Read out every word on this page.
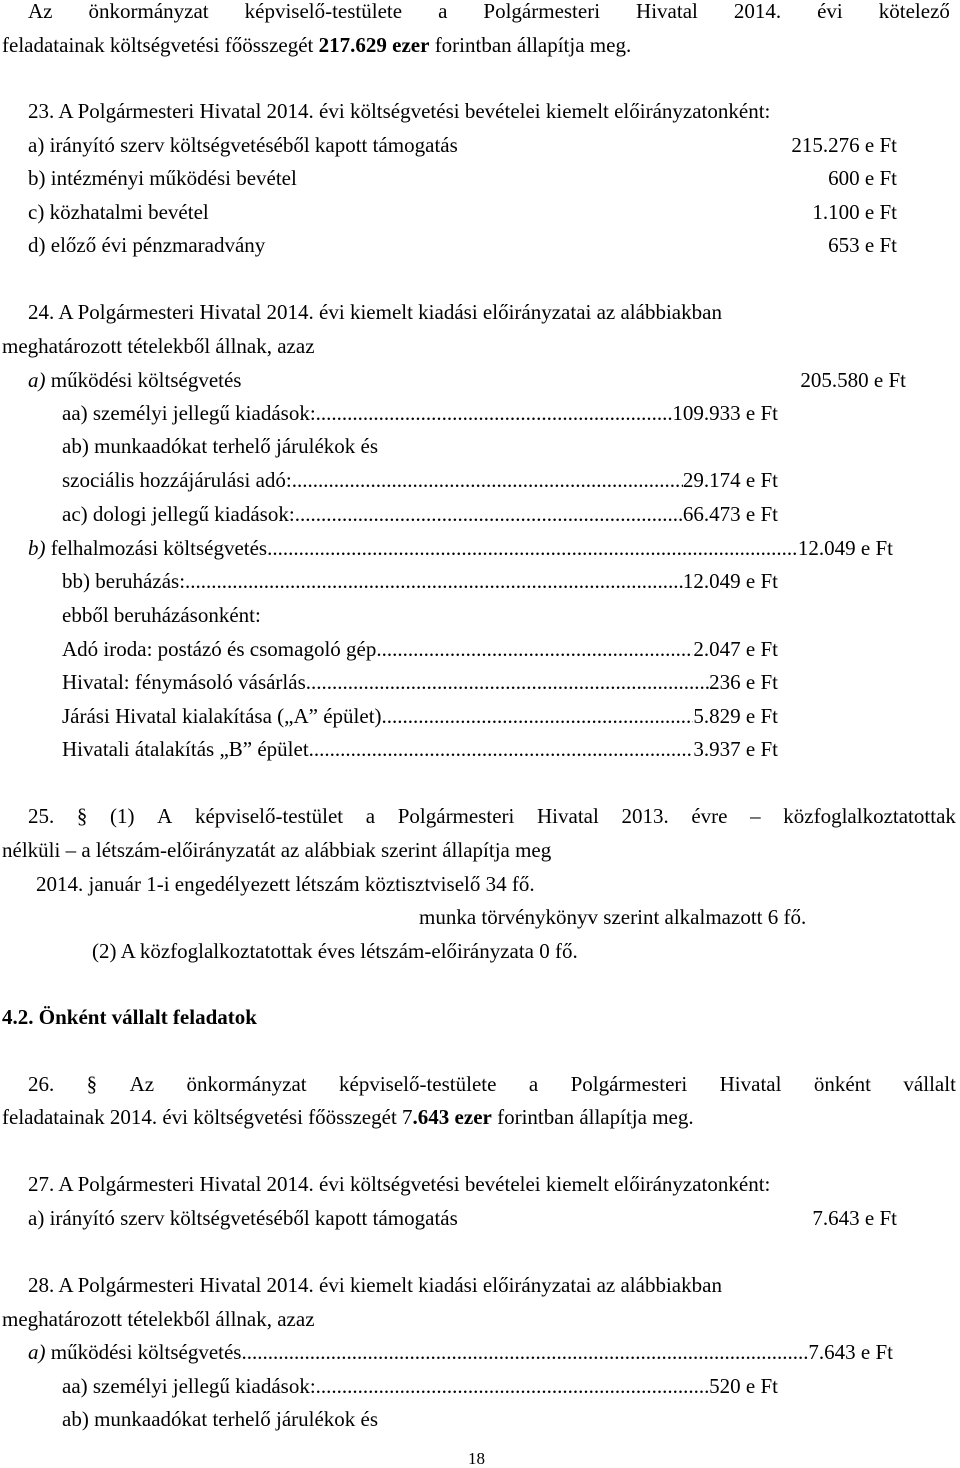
Az önkormányzat képviselő-testülete a Polgármesteri Hivatal 2014. évi kötelező
feladatainak költségvetési főösszegét 217.629 ezer forintban állapítja meg.
23. A Polgármesteri Hivatal 2014. évi költségvetési bevételei kiemelt előirányzatonként:
a) irányító szerv költségvetéséből kapott támogatás	215.276 e Ft
b) intézményi működési bevétel	600 e Ft
c) közhatalmi bevétel	1.100 e Ft
d) előző évi pénzmaradvány	653 e Ft
24. A Polgármesteri Hivatal 2014. évi kiemelt kiadási előirányzatai az alábbiakban
meghatározott tételekből állnak, azaz
a) működési költségvetés	205.580 e Ft
aa) személyi jellegű kiadások: .....	109.933 e Ft
ab) munkaadókat terhelő járulékok és
szociális hozzájárulási adó: .....	29.174 e Ft
ac) dologi jellegű kiadások: .....	66.473 e Ft
b) felhalmozási költségvetés .....	12.049 e Ft
bb) beruházás: .....	12.049 e Ft
ebből beruházásonként:
Adó iroda: postázó és csomagoló gép .....	2.047 e Ft
Hivatal: fénymásoló vásárlás .....	236 e Ft
Járási Hivatal kialakítása („A” épület) .....	5.829 e Ft
Hivatali átalakítás „B” épület .....	3.937 e Ft
25. § (1) A képviselő-testület a Polgármesteri Hivatal 2013. évre – közfoglalkoztatottak
nélküli – a létszám-előirányzatát az alábbiak szerint állapítja meg
2014. január 1-i engedélyezett létszám köztisztviselő 34 fő.
munka törvénykönyv szerint alkalmazott 6 fő.
(2) A közfoglalkoztatottak éves létszám-előirányzata 0 fő.
4.2. Önként vállalt feladatok
26. § Az önkormányzat képviselő-testülete a Polgármesteri Hivatal önként vállalt
feladatainak 2014. évi költségvetési főösszegét 7.643 ezer forintban állapítja meg.
27. A Polgármesteri Hivatal 2014. évi költségvetési bevételei kiemelt előirányzatonként:
a) irányító szerv költségvetéséből kapott támogatás	7.643 e Ft
28. A Polgármesteri Hivatal 2014. évi kiemelt kiadási előirányzatai az alábbiakban
meghatározott tételekből állnak, azaz
a) működési költségvetés .....	7.643 e Ft
aa) személyi jellegű kiadások: .....	520 e Ft
ab) munkaadókat terhelő járulékok és
18
